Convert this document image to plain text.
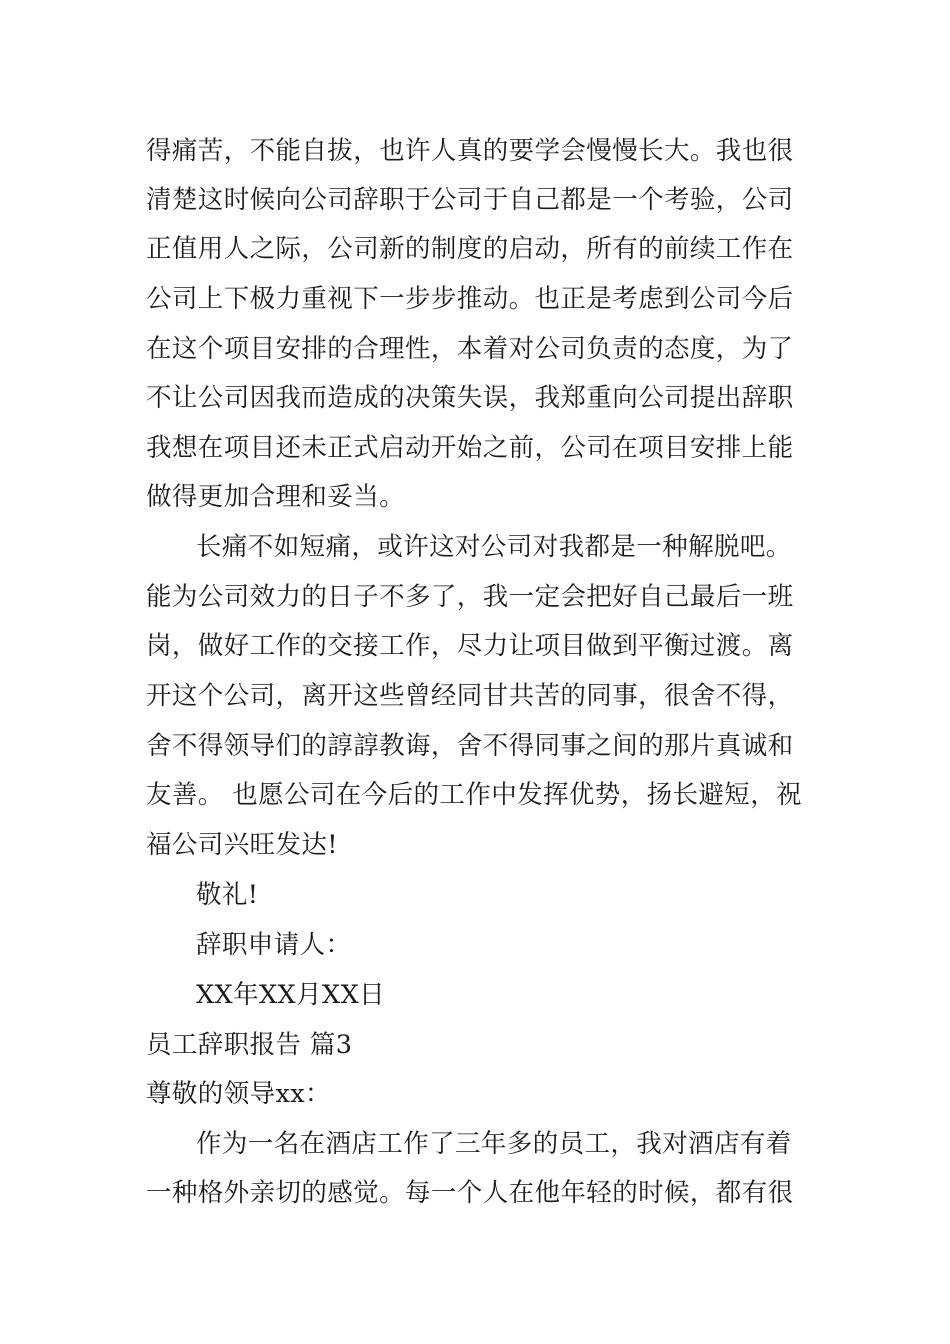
得痛苦，不能自拔，也许人真的要学会慢慢长大。我也很
清楚这时候向公司辞职于公司于自己都是一个考验，公司
正值用人之际，公司新的制度的启动，所有的前续工作在
公司上下极力重视下一步步推动。也正是考虑到公司今后
在这个项目安排的合理性，本着对公司负责的态度，为了
不让公司因我而造成的决策失误，我郑重向公司提出辞职
我想在项目还未正式启动开始之前，公司在项目安排上能
做得更加合理和妥当。
长痛不如短痛，或许这对公司对我都是一种解脱吧。
能为公司效力的日子不多了，我一定会把好自己最后一班
岗，做好工作的交接工作，尽力让项目做到平衡过渡。离
开这个公司，离开这些曾经同甘共苦的同事，很舍不得，
舍不得领导们的諄諄教诲，舍不得同事之间的那片真诚和
友善。 也愿公司在今后的工作中发挥优势，扬长避短，祝
福公司兴旺发达!
敬礼!
辞职申请人：
XX年XX月XX日
员工辞职报告 篇3
尊敬的领导xx：
作为一名在酒店工作了三年多的员工，我对酒店有着
一种格外亲切的感觉。每一个人在他年轻的时候，都有很
